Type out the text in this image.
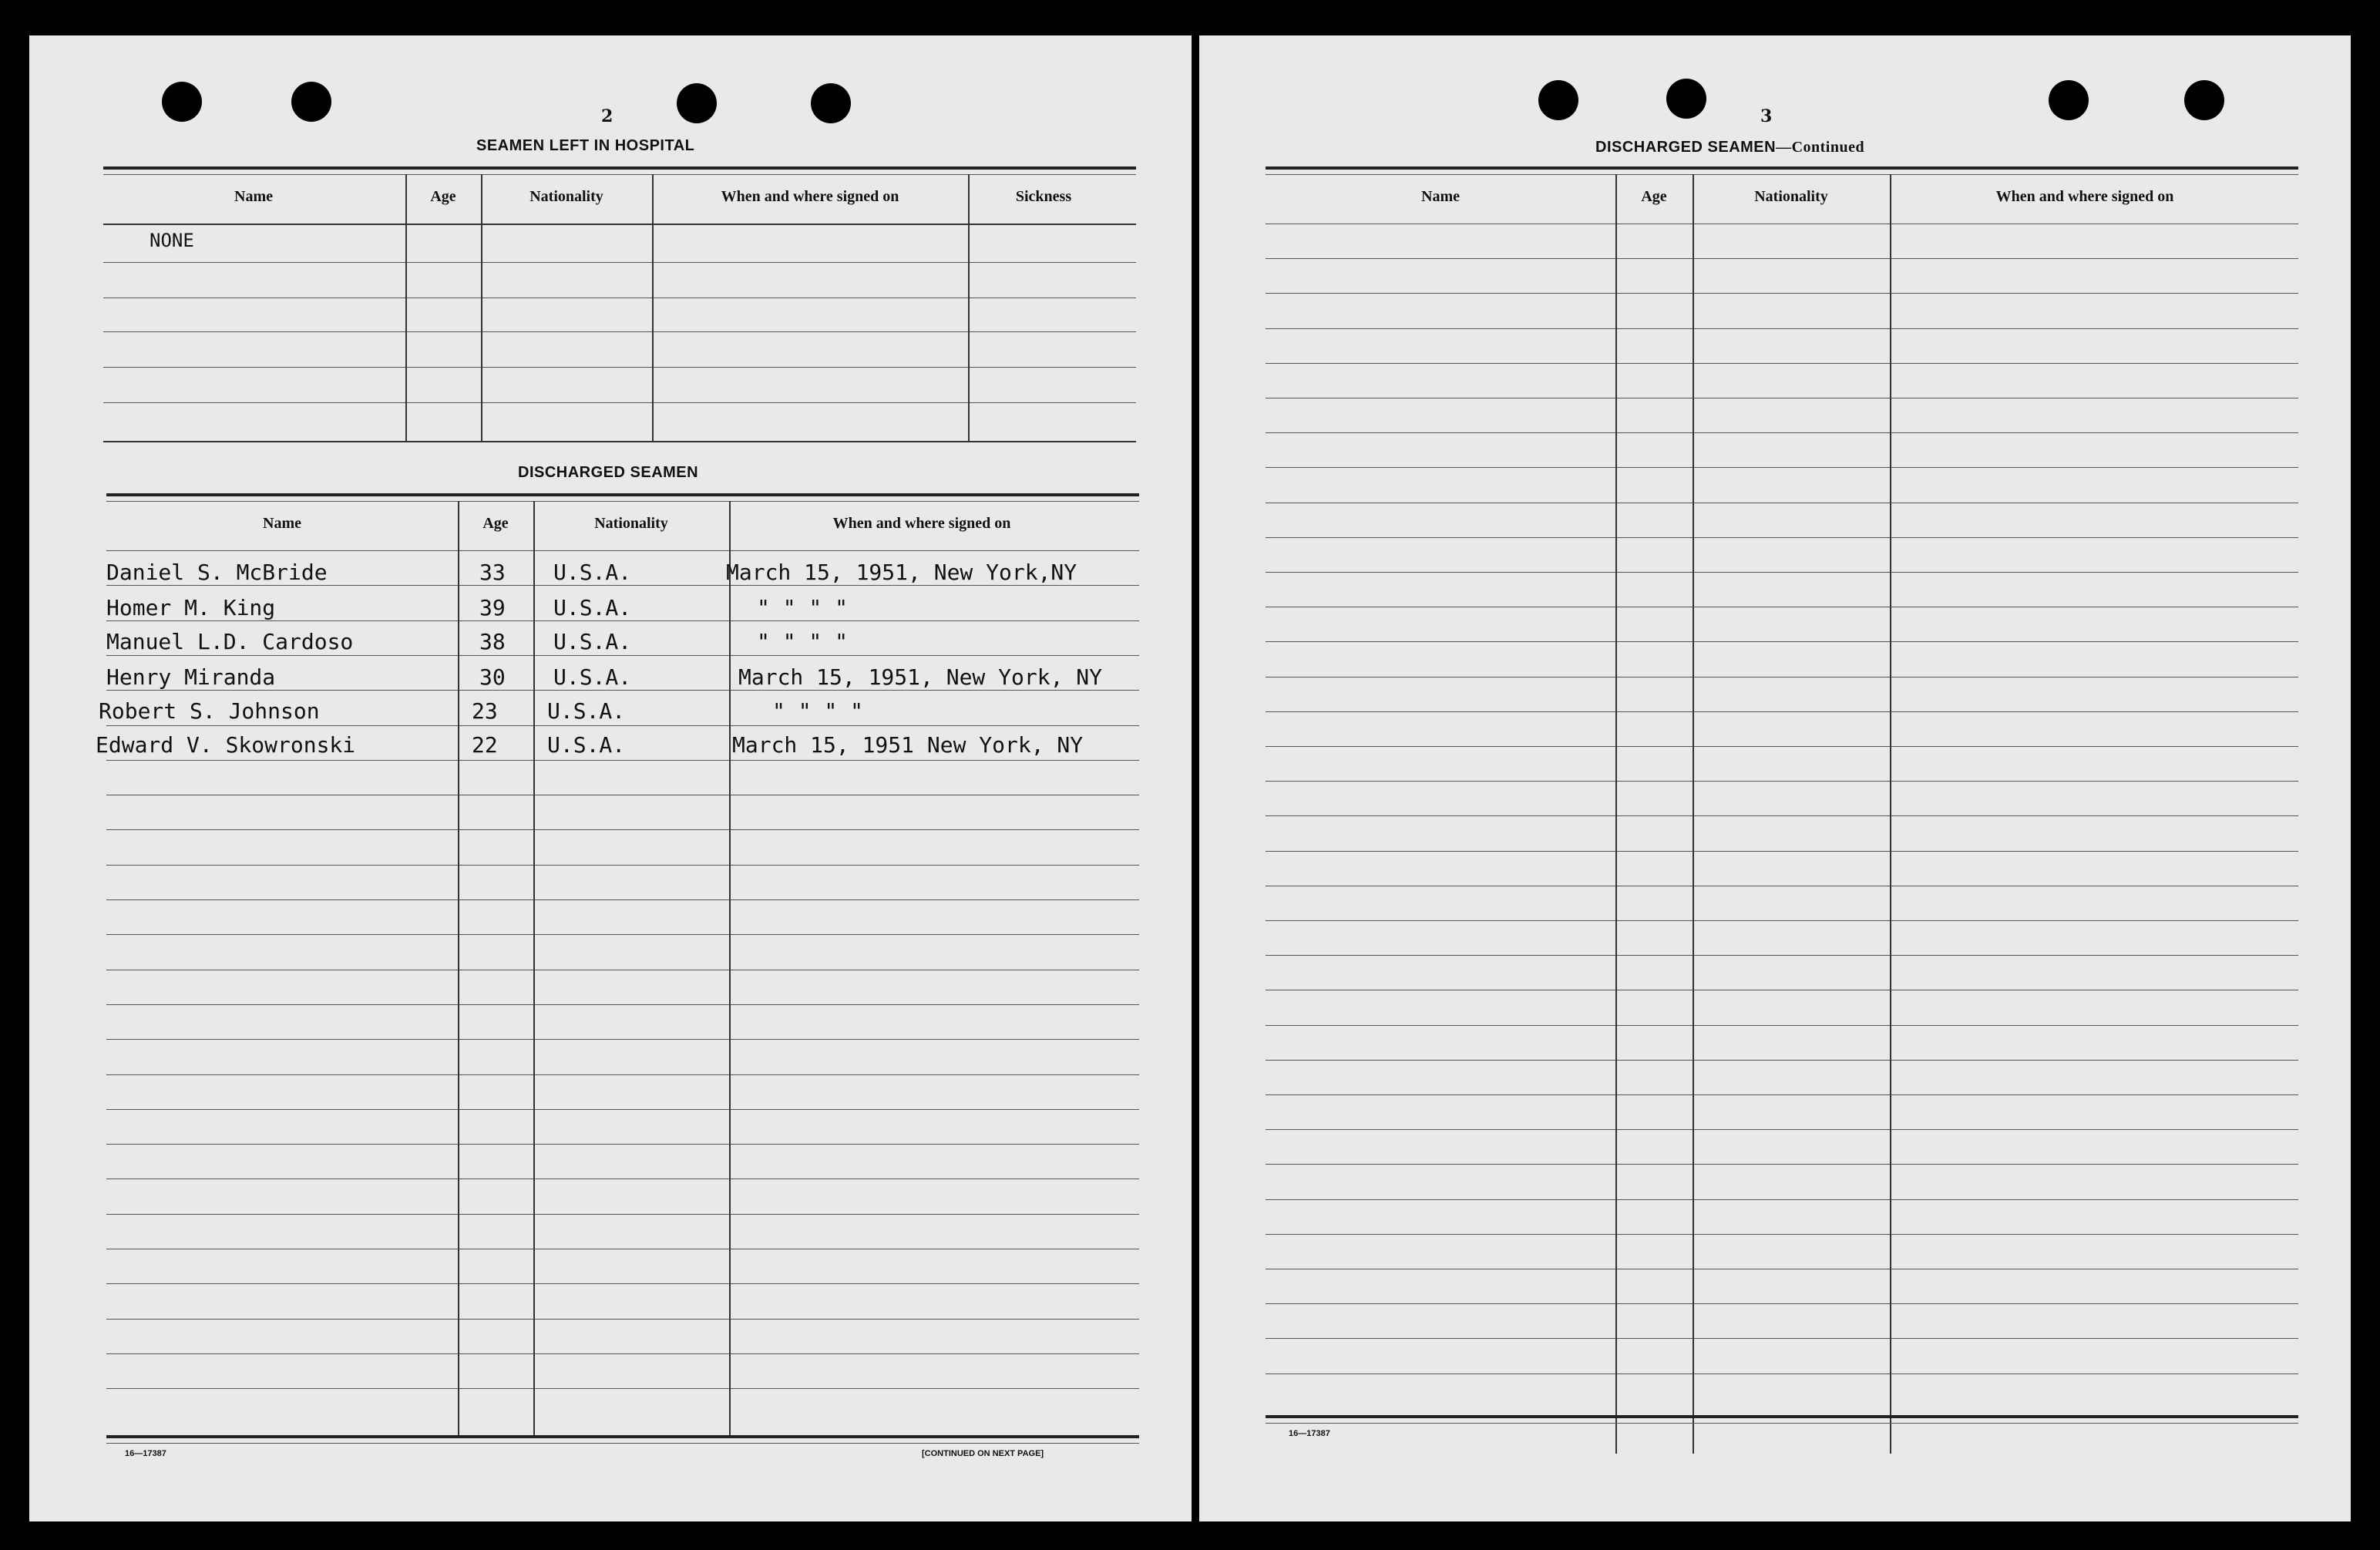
2
SEAMEN LEFT IN HOSPITAL
Name	Age	Nationality	When and where signed on	Sickness
NONE
DISCHARGED SEAMEN
Name	Age	Nationality	When and where signed on
Daniel S. McBride	33 U.S.A.	March 15, 1951, New York,NY
Homer M. King	39 U.S.A.	" " " "
Manuel L.D. Cardoso	38 U.S.A.	" " " "
Henry Miranda	30 U.S.A.	March 15, 1951, New York, NY
Robert S. Johnson	23 U.S.A.	" " " "
Edward V. Skowronski	22 U.S.A.	March 15, 1951 New York, NY
16—17387	[CONTINUED ON NEXT PAGE]
3
DISCHARGED SEAMEN—Continued
Name	Age	Nationality	When and where signed on
16—17387
